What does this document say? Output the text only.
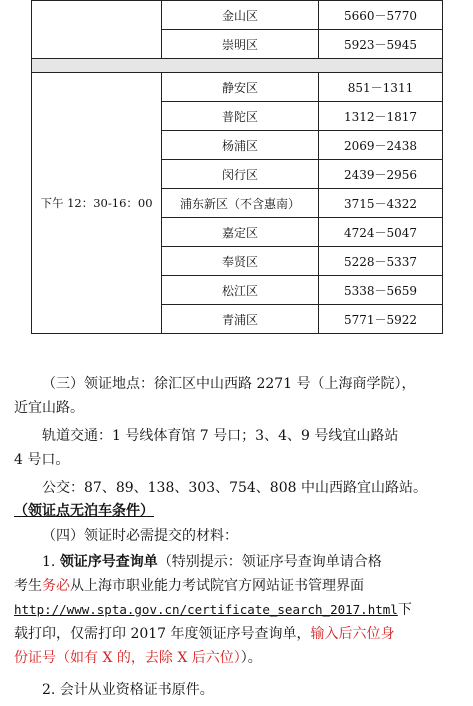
	金山区	5660－5770
	崇明区	5923－5945

下午 12：30-16：00	静安区	851－1311
	普陀区	1312－1817
	杨浦区	2069－2438
	闵行区	2439－2956
	浦东新区（不含惠南）	3715－4322
	嘉定区	4724－5047
	奉贤区	5228－5337
	松江区	5338－5659
	青浦区	5771－5922
（三）领证地点：徐汇区中山西路 2271 号（上海商学院），
近宜山路。
轨道交通：1 号线体育馆 7 号口；3、4、9 号线宜山路站
4 号口。
公交：87、89、138、303、754、808 中山西路宜山路站。
（领证点无泊车条件）
（四）领证时必需提交的材料：
1. 领证序号查询单（特别提示：领证序号查询单请合格
考生务必从上海市职业能力考试院官方网站证书管理界面
http://www.spta.gov.cn/certificate_search_2017.html下
载打印，仅需打印 2017 年度领证序号查询单，输入后六位身
份证号（如有 X 的，去除 X 后六位））。
2. 会计从业资格证书原件。
